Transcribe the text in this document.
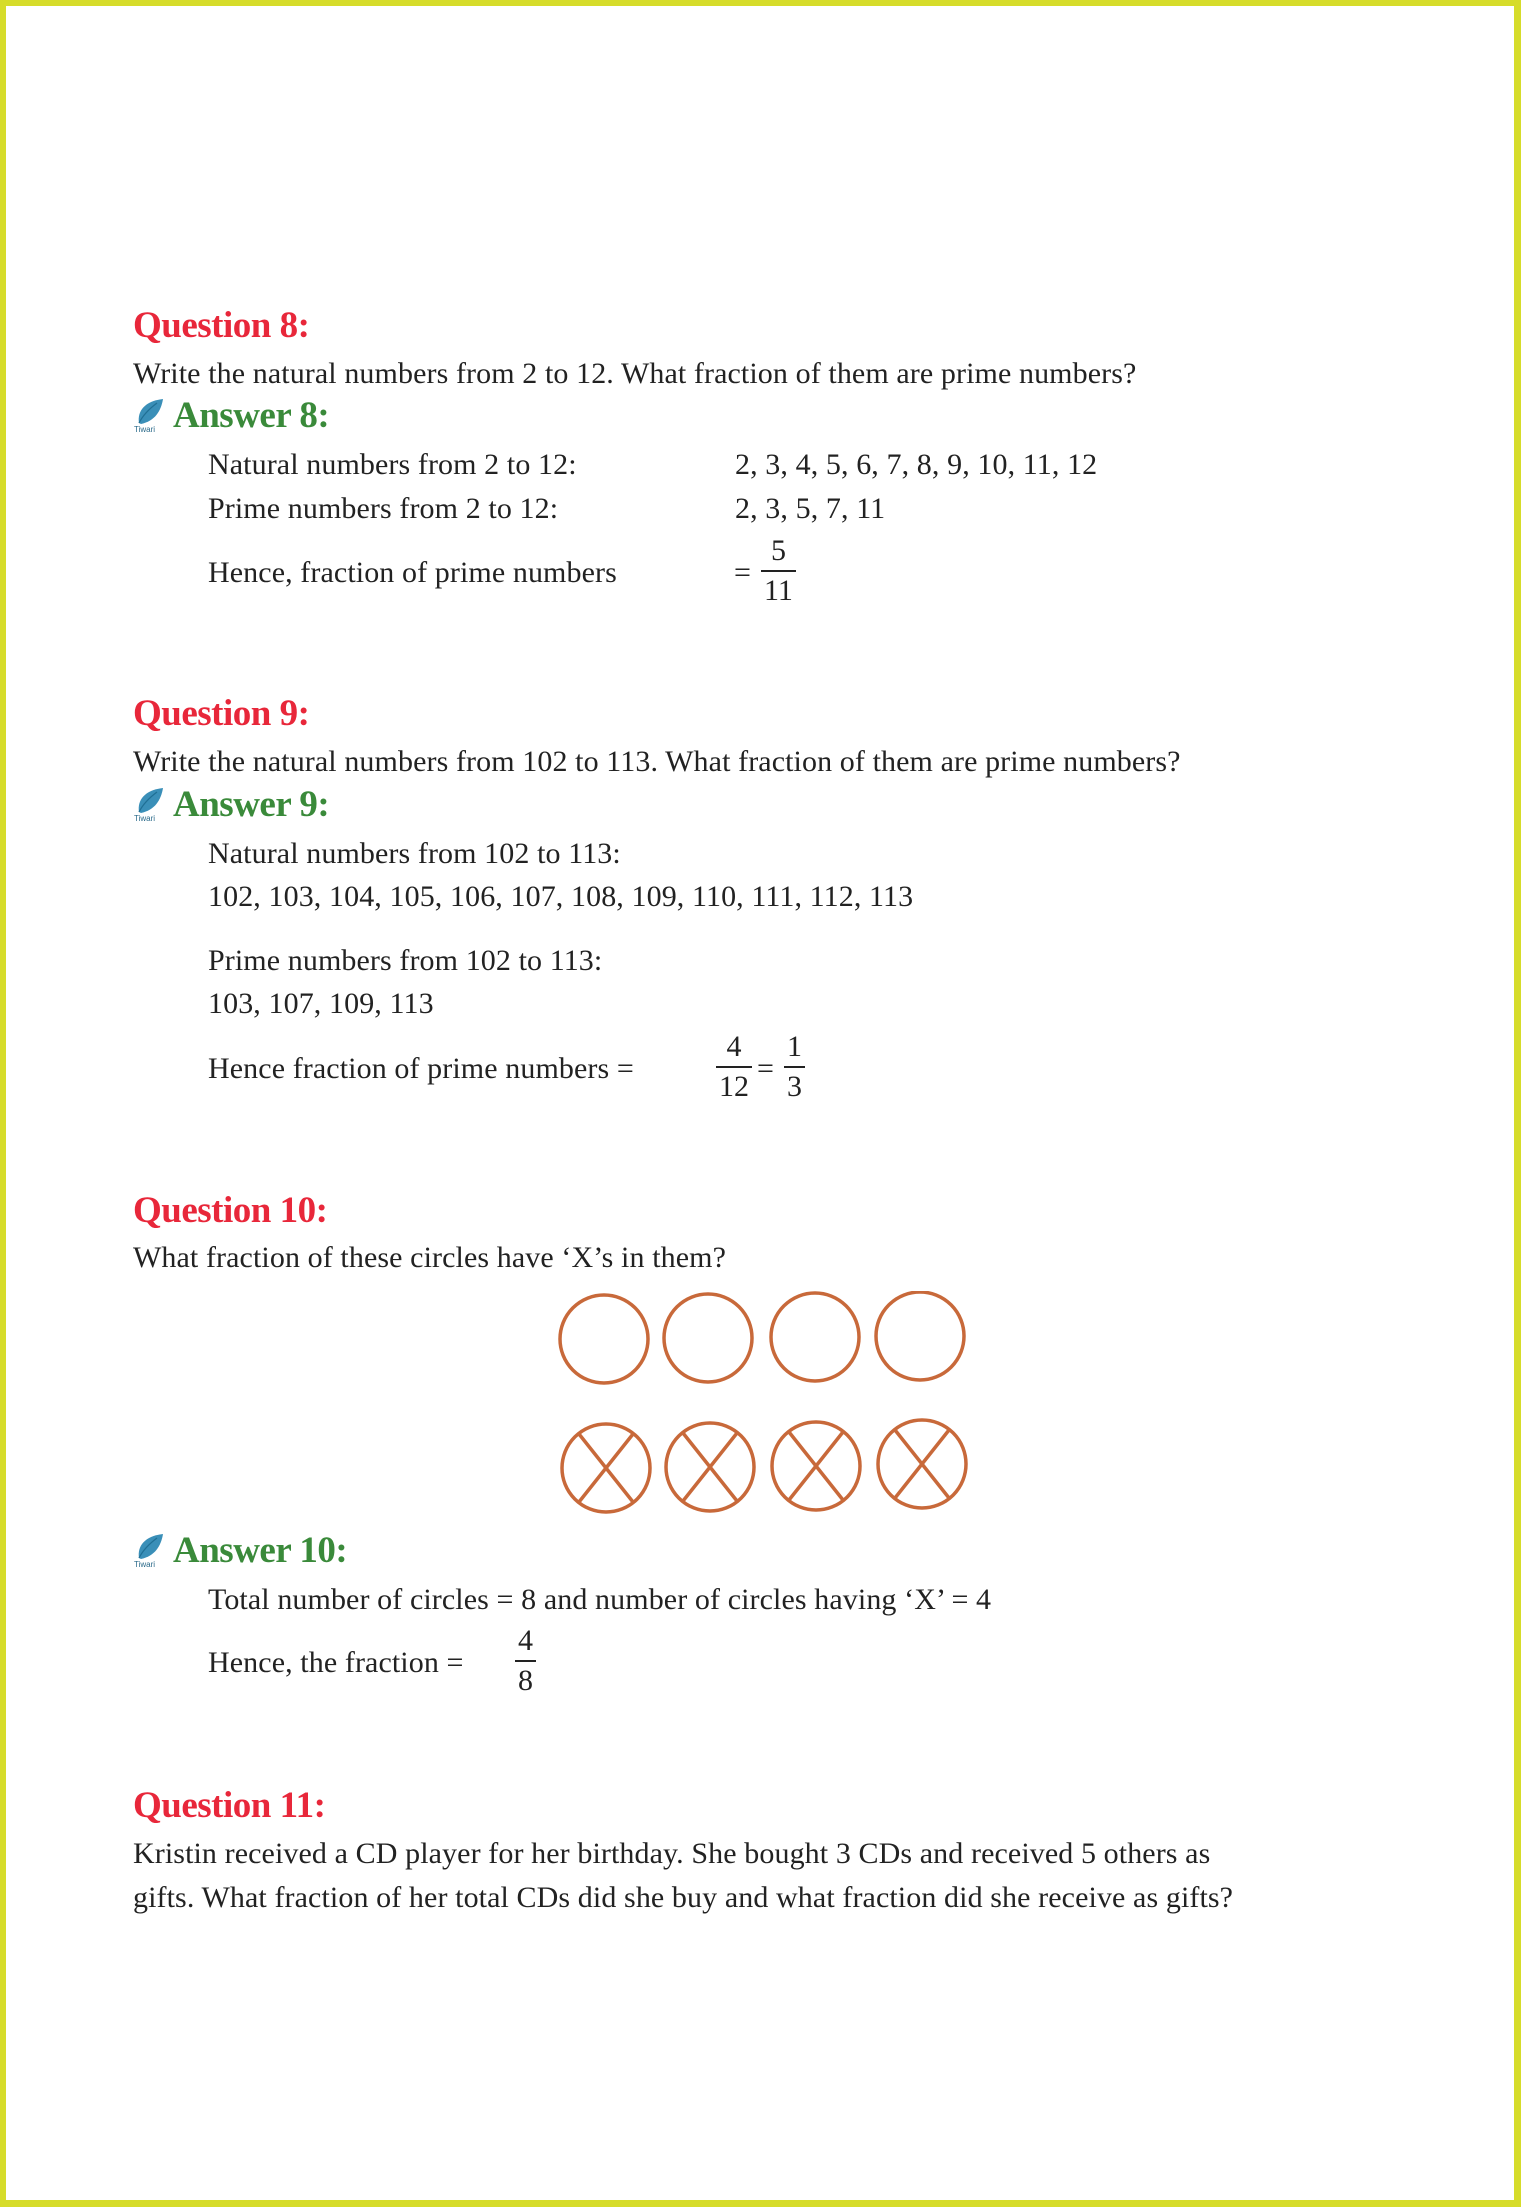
Question 8:
Write the natural numbers from 2 to 12. What fraction of them are prime numbers?
Tiwari Answer 8:
Natural numbers from 2 to 12:	2, 3, 4, 5, 6, 7, 8, 9, 10, 11, 12
Prime numbers from 2 to 12:	2, 3, 5, 7, 11
Hence, fraction of prime numbers	=
5
11
Question 9:
Write the natural numbers from 102 to 113. What fraction of them are prime numbers?
Tiwari Answer 9:
Natural numbers from 102 to 113:
102, 103, 104, 105, 106, 107, 108, 109, 110, 111, 112, 113
Prime numbers from 102 to 113:
103, 107, 109, 113
Hence fraction of prime numbers =
4
12
=
1
3
Question 10:
What fraction of these circles have ‘X’s in them?
Tiwari Answer 10:
Total number of circles = 8 and number of circles having ‘X’ = 4
Hence, the fraction =
4
8
Question 11:
Kristin received a CD player for her birthday. She bought 3 CDs and received 5 others as
gifts. What fraction of her total CDs did she buy and what fraction did she receive as gifts?
